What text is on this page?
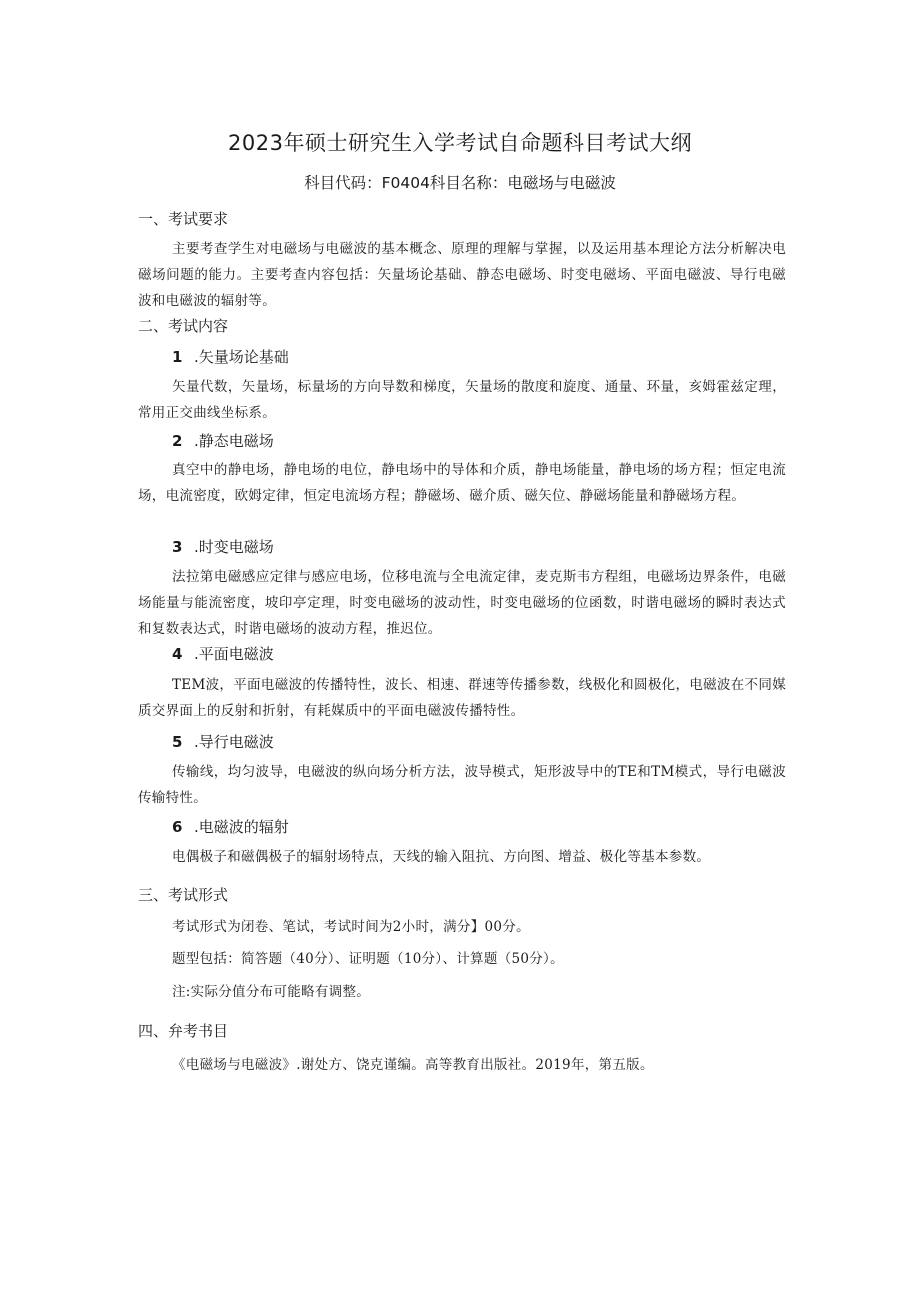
2023年硕士研究生入学考试自命题科目考试大纲

科目代码：F0404科目名称：电磁场与电磁波

一、考试要求

主要考查学生对电磁场与电磁波的基本概念、原理的理解与掌握，以及运用基本理论方法分析解决电磁场问题的能力。主要考查内容包括：矢量场论基础、静态电磁场、时变电磁场、平面电磁波、导行电磁波和电磁波的辐射等。

二、考试内容

1 .矢量场论基础

矢量代数，矢量场，标量场的方向导数和梯度，矢量场的散度和旋度、通量、环量，亥姆霍兹定理，常用正交曲线坐标系。

2 .静态电磁场

真空中的静电场，静电场的电位，静电场中的导体和介质，静电场能量，静电场的场方程；恒定电流场，电流密度，欧姆定律，恒定电流场方程；静磁场、磁介质、磁矢位、静磁场能量和静磁场方程。

3 .时变电磁场

法拉第电磁感应定律与感应电场，位移电流与全电流定律，麦克斯韦方程组，电磁场边界条件，电磁场能量与能流密度，坡印亭定理，时变电磁场的波动性，时变电磁场的位函数，时谐电磁场的瞬时表达式和复数表达式，时谐电磁场的波动方程，推迟位。

4 .平面电磁波

TEM波，平面电磁波的传播特性，波长、相速、群速等传播参数，线极化和圆极化，电磁波在不同媒质交界面上的反射和折射，有耗媒质中的平面电磁波传播特性。

5 .导行电磁波

传输线，均匀波导，电磁波的纵向场分析方法，波导模式，矩形波导中的TE和TM模式，导行电磁波传输特性。

6 .电磁波的辐射

电偶极子和磁偶极子的辐射场特点，天线的输入阻抗、方向图、增益、极化等基本参数。

三、考试形式

考试形式为闭卷、笔试，考试时间为2小时，满分】00分。

题型包括：简答题（40分）、证明题（10分）、计算题（50分）。

注:实际分值分布可能略有调整。

四、弁考书目

《电磁场与电磁波》.谢处方、饶克谨编。高等教育出版社。2019年，第五版。
